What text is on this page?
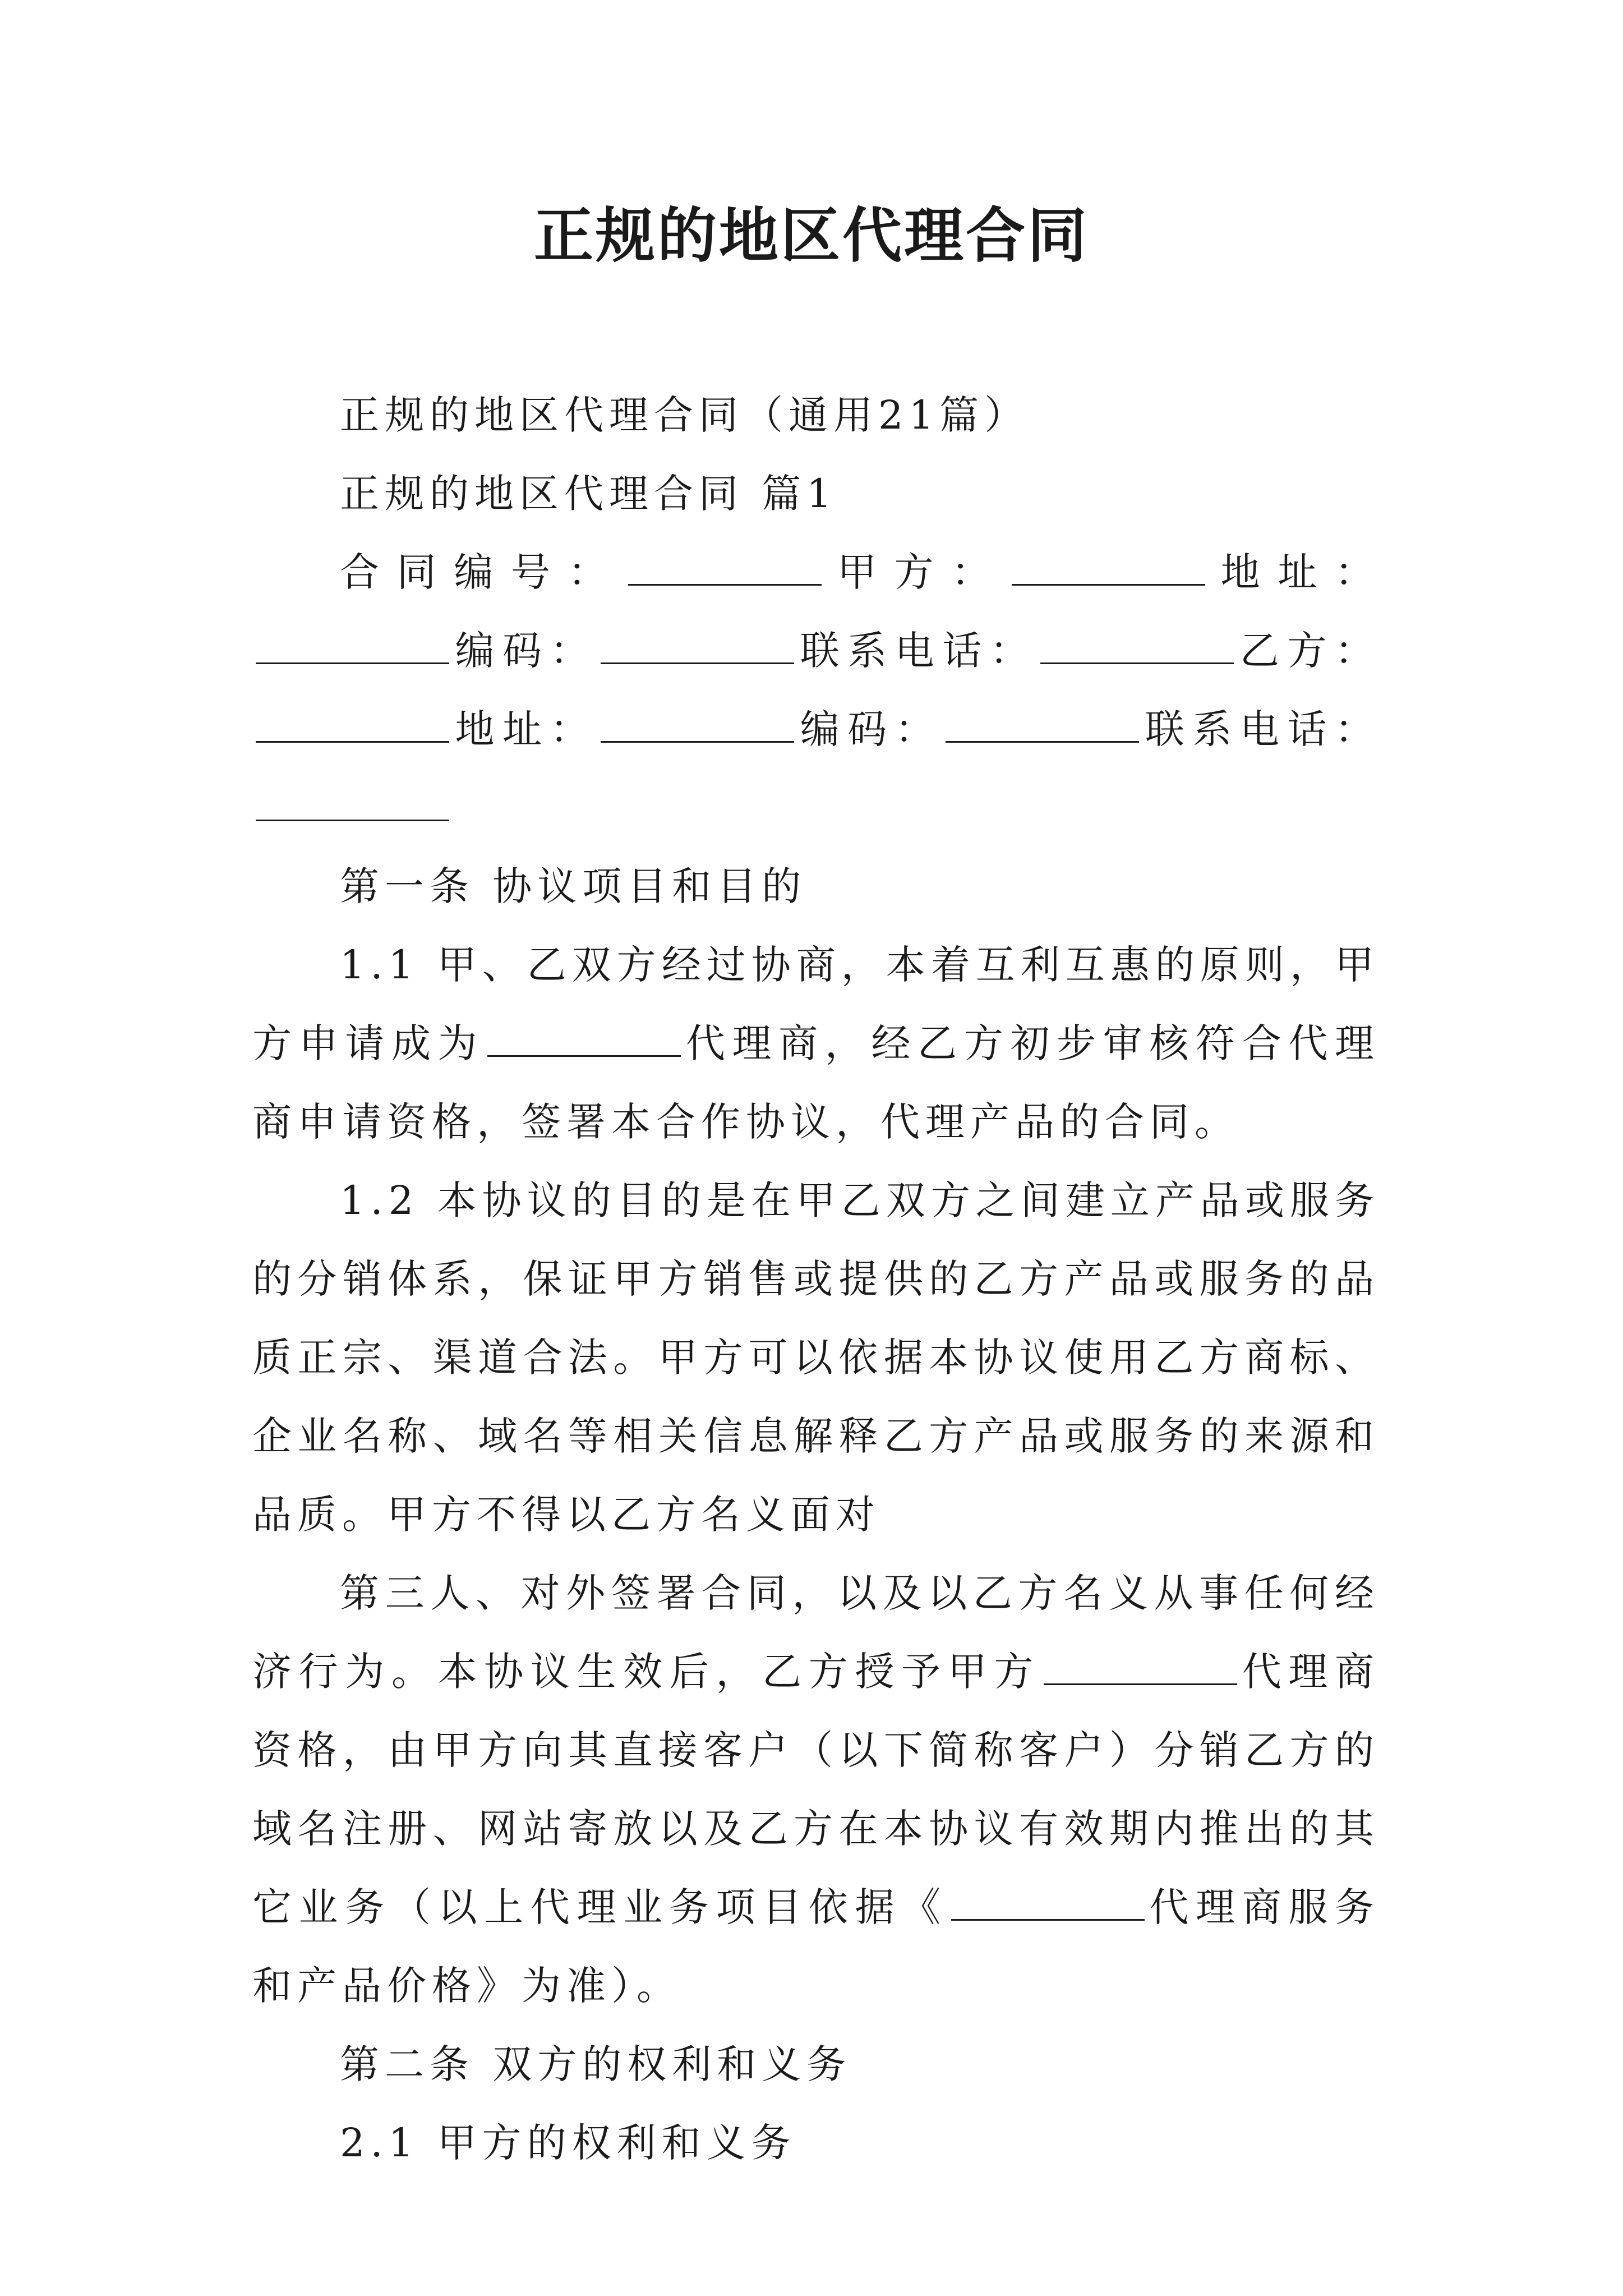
正规的地区代理合同

正规的地区代理合同（通用21篇）

正规的地区代理合同 篇1

合同编号：	甲方：	地址：编码：	联系电话：	乙方：地址：	编码：	联系电话：

第一条 协议项目和目的

1.1 甲、乙双方经过协商，本着互利互惠的原则，甲方申请成为	代理商，经乙方初步审核符合代理商申请资格，签署本合作协议，代理产品的合同。

1.2 本协议的目的是在甲乙双方之间建立产品或服务的分销体系，保证甲方销售或提供的乙方产品或服务的品质正宗、渠道合法。甲方可以依据本协议使用乙方商标、企业名称、域名等相关信息解释乙方产品或服务的来源和品质。甲方不得以乙方名义面对

第三人、对外签署合同，以及以乙方名义从事任何经济行为。本协议生效后，乙方授予甲方	代理商资格，由甲方向其直接客户（以下简称客户）分销乙方的域名注册、网站寄放以及乙方在本协议有效期内推出的其它业务（以上代理业务项目依据《	代理商服务和产品价格》为准）。

第二条 双方的权利和义务

2.1 甲方的权利和义务
